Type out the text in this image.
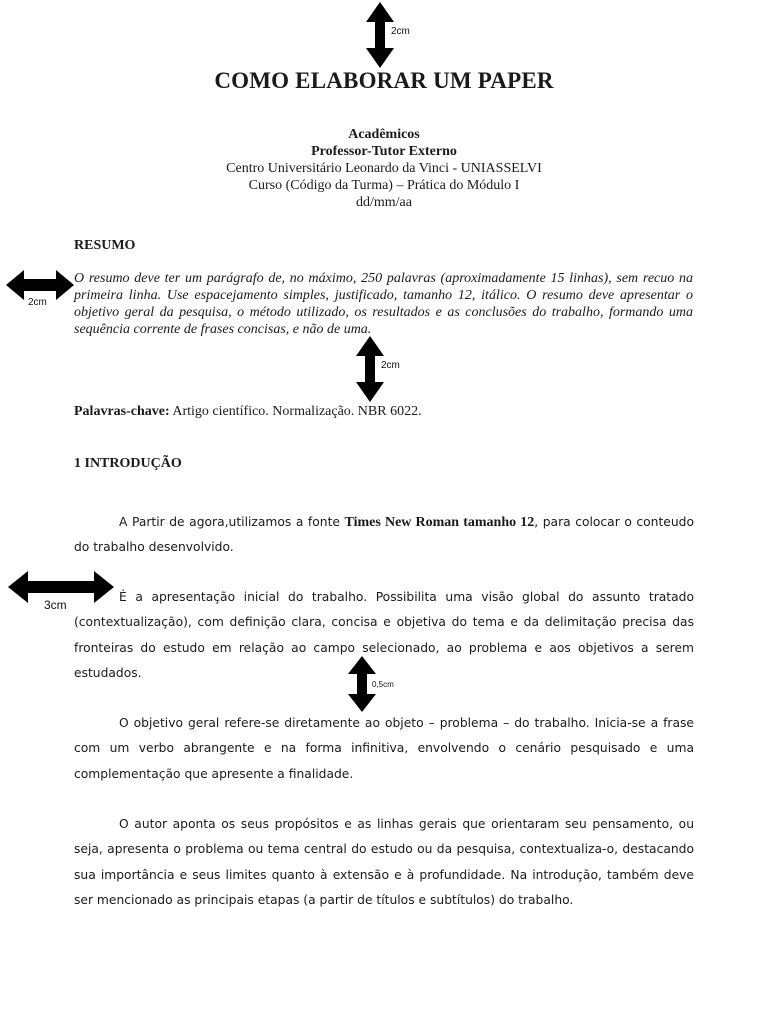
2cm
COMO ELABORAR UM PAPER
Acadêmicos
Professor-Tutor Externo
Centro Universitário Leonardo da Vinci - UNIASSELVI
Curso (Código da Turma) – Prática do Módulo I
dd/mm/aa
RESUMO
2cm
O resumo deve ter um parágrafo de, no máximo, 250 palavras (aproximadamente 15 linhas), sem recuo na primeira linha. Use espacejamento simples, justificado, tamanho 12, itálico. O resumo deve apresentar o objetivo geral da pesquisa, o método utilizado, os resultados e as conclusões do trabalho, formando uma sequência corrente de frases concisas, e não de uma.
2cm
Palavras-chave: Artigo científico. Normalização. NBR 6022.
1 INTRODUÇÃO
A Partir de agora,utilizamos a fonte Times New Roman tamanho 12, para colocar o conteudo do trabalho desenvolvido.
3cm
É a apresentação inicial do trabalho. Possibilita uma visão global do assunto tratado (contextualização), com definição clara, concisa e objetiva do tema e da delimitação precisa das fronteiras do estudo em relação ao campo selecionado, ao problema e aos objetivos a serem estudados.
0,5cm
O objetivo geral refere-se diretamente ao objeto – problema – do trabalho. Inicia-se a frase com um verbo abrangente e na forma infinitiva, envolvendo o cenário pesquisado e uma complementação que apresente a finalidade.
O autor aponta os seus propósitos e as linhas gerais que orientaram seu pensamento, ou seja, apresenta o problema ou tema central do estudo ou da pesquisa, contextualiza-o, destacando sua importância e seus limites quanto à extensão e à profundidade. Na introdução, também deve ser mencionado as principais etapas (a partir de títulos e subtítulos) do trabalho.
